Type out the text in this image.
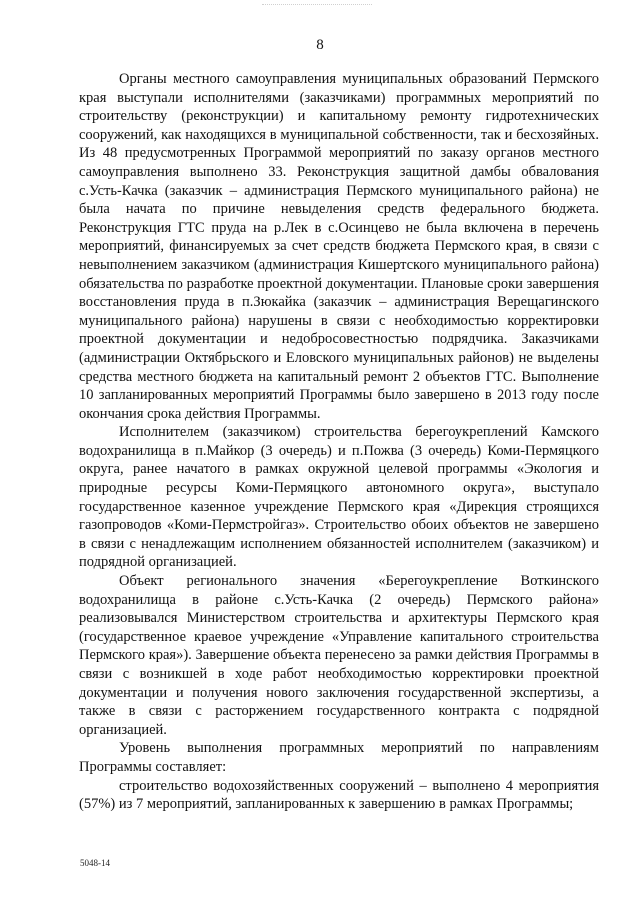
8

Органы местного самоуправления муниципальных образований Пермского края выступали исполнителями (заказчиками) программных мероприятий по строительству (реконструкции) и капитальному ремонту гидротехнических сооружений, как находящихся в муниципальной собственности, так и бесхозяйных. Из 48 предусмотренных Программой мероприятий по заказу органов местного самоуправления выполнено 33. Реконструкция защитной дамбы обвалования с.Усть-Качка (заказчик – администрация Пермского муниципального района) не была начата по причине невыделения средств федерального бюджета. Реконструкция ГТС пруда на р.Лек в с.Осинцево не была включена в перечень мероприятий, финансируемых за счет средств бюджета Пермского края, в связи с невыполнением заказчиком (администрация Кишертского муниципального района) обязательства по разработке проектной документации. Плановые сроки завершения восстановления пруда в п.Зюкайка (заказчик – администрация Верещагинского муниципального района) нарушены в связи с необходимостью корректировки проектной документации и недобросовестностью подрядчика. Заказчиками (администрации Октябрьского и Еловского муниципальных районов) не выделены средства местного бюджета на капитальный ремонт 2 объектов ГТС. Выполнение 10 запланированных мероприятий Программы было завершено в 2013 году после окончания срока действия Программы.

Исполнителем (заказчиком) строительства берегоукреплений Камского водохранилища в п.Майкор (3 очередь) и п.Пожва (3 очередь) Коми-Пермяцкого округа, ранее начатого в рамках окружной целевой программы «Экология и природные ресурсы Коми-Пермяцкого автономного округа», выступало государственное казенное учреждение Пермского края «Дирекция строящихся газопроводов «Коми-Пермстройгаз». Строительство обоих объектов не завершено в связи с ненадлежащим исполнением обязанностей исполнителем (заказчиком) и подрядной организацией.

Объект регионального значения «Берегоукрепление Воткинского водохранилища в районе с.Усть-Качка (2 очередь) Пермского района» реализовывался Министерством строительства и архитектуры Пермского края (государственное краевое учреждение «Управление капитального строительства Пермского края»). Завершение объекта перенесено за рамки действия Программы в связи с возникшей в ходе работ необходимостью корректировки проектной документации и получения нового заключения государственной экспертизы, а также в связи с расторжением государственного контракта с подрядной организацией.

Уровень выполнения программных мероприятий по направлениям Программы составляет:

строительство водохозяйственных сооружений – выполнено 4 мероприятия (57%) из 7 мероприятий, запланированных к завершению в рамках Программы;

5048-14
